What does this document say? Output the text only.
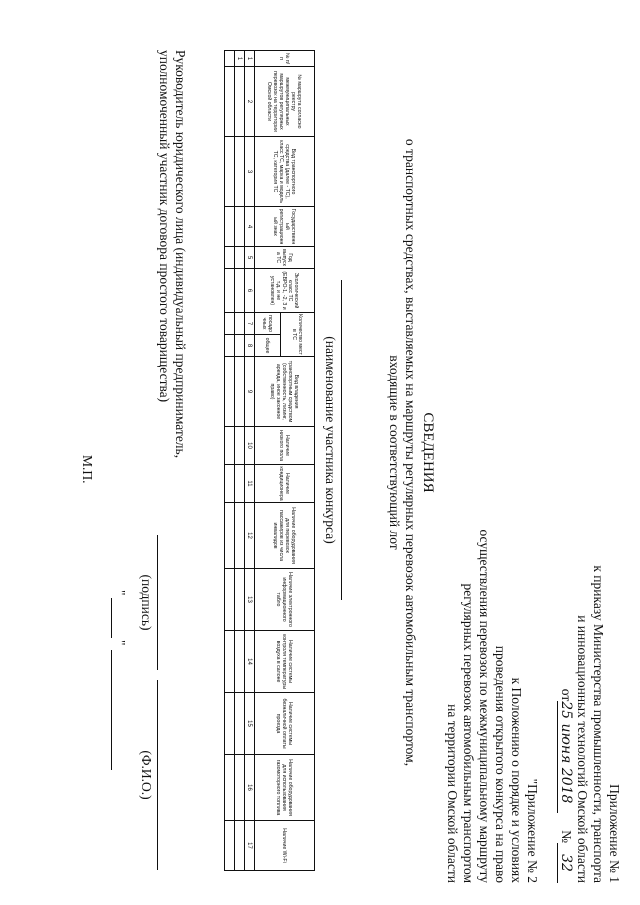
Приложение № 1
к приказу Министерства промышленности, транспорта
и инновационных технологий Омской области
от25 июня 2018     №32
"Приложение № 2
к Положению о порядке и условиях
проведения открытого конкурса на право
осуществления перевозок по межмуниципальному маршруту
регулярных перевозок автомобильным транспортом
на территории Омской области
СВЕДЕНИЯ
о транспортных средствах, выставляемых на маршруты регулярных перевозок автомобильным транспортом,
входящие в соответствующий лот
(наименование участника конкурса)
№ п/п	№ маршрута согласно реестру межмуниципальных маршрутов регулярных перевозок на территории Омской области	Вид транспортного средства (далее - ТС), класс ТС, марка и модель ТС, категория ТС	Государственный регистрационный знак	Год выпуска ТС	Экологический класс ТС (ЕВРО-1, -2, 3 и т.д. и не установлен)	Количество мест в ТС		Вид владения транспортным средством (собственность, лизинг, аренда, иное законное право)	Наличие низкого пола	Наличие кондиционера	Наличие оборудования для перевозок пассажиров из числа инвалидов	Наличие электронного информационного табло	Наличие системы контроля температуры воздуха в салоне	Наличие системы безналичной оплаты проезда	Наличие оборудования для использования газомоторного топлива	Наличие Wi-Fi
						посадочных	общее									
1	2	3	4	5	6	7	8	9	10	11	12	13	14	15	16	17
1																

Руководитель юридического лица (индивидуальный предприниматель,
уполномоченный участник договора простого товарищества)
(подпись)
(Ф.И.О.)
"
"
М.П.
